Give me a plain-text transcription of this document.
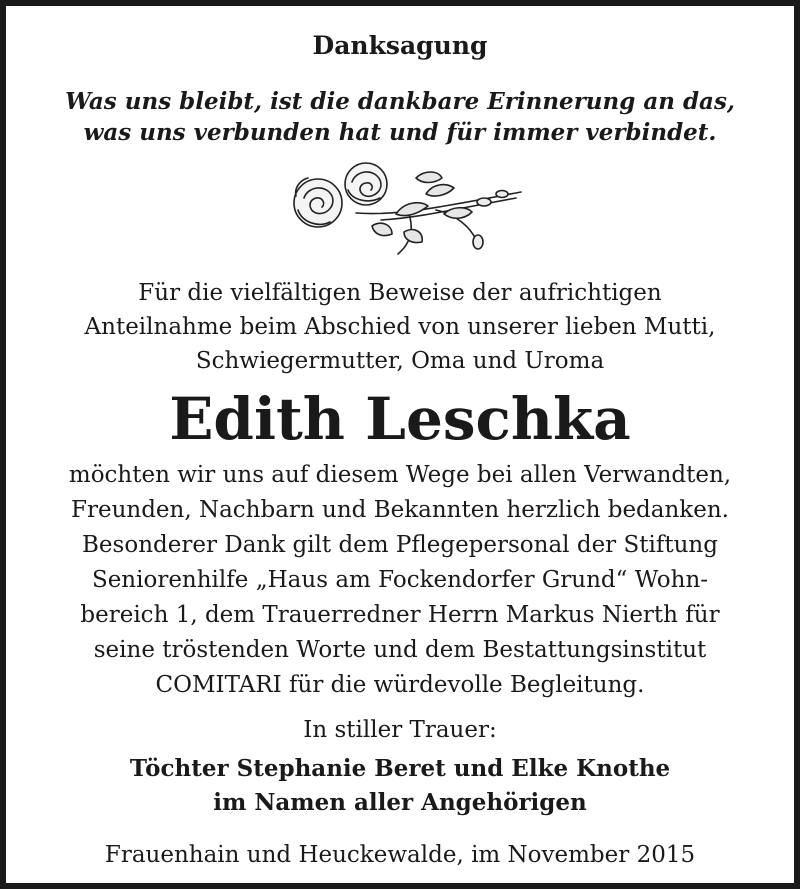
Danksagung
Was uns bleibt, ist die dankbare Erinnerung an das,
was uns verbunden hat und für immer verbindet.
Für die vielfältigen Beweise der aufrichtigen
Anteilnahme beim Abschied von unserer lieben Mutti,
Schwiegermutter, Oma und Uroma
Edith Leschka
möchten wir uns auf diesem Wege bei allen Verwandten,
Freunden, Nachbarn und Bekannten herzlich bedanken.
Besonderer Dank gilt dem Pflegepersonal der Stiftung
Seniorenhilfe „Haus am Fockendorfer Grund“ Wohn-
bereich 1, dem Trauerredner Herrn Markus Nierth für
seine tröstenden Worte und dem Bestattungsinstitut
COMITARI für die würdevolle Begleitung.
In stiller Trauer:
Töchter Stephanie Beret und Elke Knothe
im Namen aller Angehörigen
Frauenhain und Heuckewalde, im November 2015
